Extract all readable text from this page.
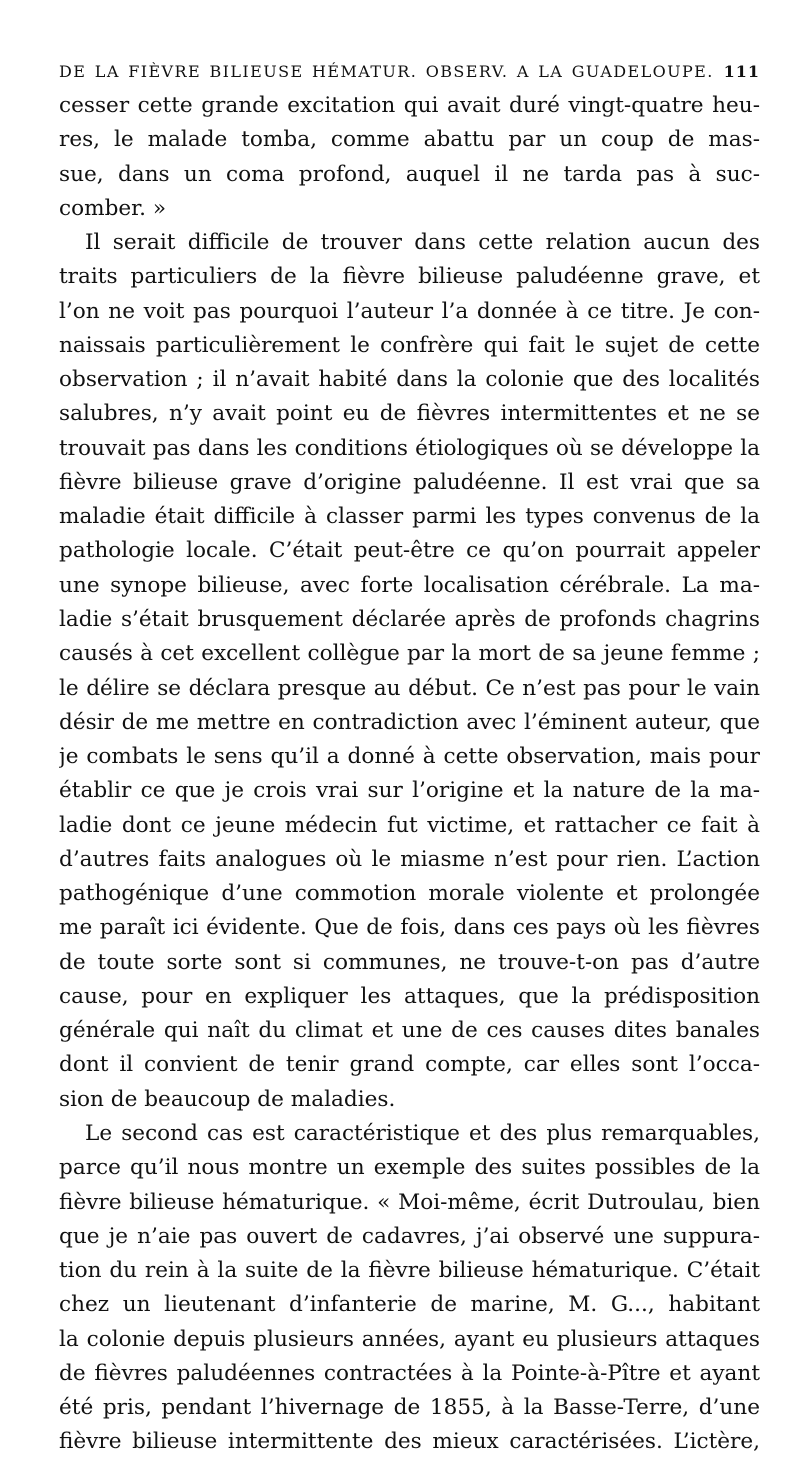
DE LA FIÈVRE BILIEUSE HÉMATUR. OBSERV. A LA GUADELOUPE. 111
cesser cette grande excitation qui avait duré vingt-quatre heu-
res, le malade tomba, comme abattu par un coup de mas-
sue, dans un coma profond, auquel il ne tarda pas à suc-
comber. »
Il serait difficile de trouver dans cette relation aucun des
traits particuliers de la fièvre bilieuse paludéenne grave, et
l’on ne voit pas pourquoi l’auteur l’a donnée à ce titre. Je con-
naissais particulièrement le confrère qui fait le sujet de cette
observation ; il n’avait habité dans la colonie que des localités
salubres, n’y avait point eu de fièvres intermittentes et ne se
trouvait pas dans les conditions étiologiques où se développe la
fièvre bilieuse grave d’origine paludéenne. Il est vrai que sa
maladie était difficile à classer parmi les types convenus de la
pathologie locale. C’était peut-être ce qu’on pourrait appeler
une synope bilieuse, avec forte localisation cérébrale. La ma-
ladie s’était brusquement déclarée après de profonds chagrins
causés à cet excellent collègue par la mort de sa jeune femme ;
le délire se déclara presque au début. Ce n’est pas pour le vain
désir de me mettre en contradiction avec l’éminent auteur, que
je combats le sens qu’il a donné à cette observation, mais pour
établir ce que je crois vrai sur l’origine et la nature de la ma-
ladie dont ce jeune médecin fut victime, et rattacher ce fait à
d’autres faits analogues où le miasme n’est pour rien. L’action
pathogénique d’une commotion morale violente et prolongée
me paraît ici évidente. Que de fois, dans ces pays où les fièvres
de toute sorte sont si communes, ne trouve-t-on pas d’autre
cause, pour en expliquer les attaques, que la prédisposition
générale qui naît du climat et une de ces causes dites banales
dont il convient de tenir grand compte, car elles sont l’occa-
sion de beaucoup de maladies.
Le second cas est caractéristique et des plus remarquables,
parce qu’il nous montre un exemple des suites possibles de la
fièvre bilieuse hématurique. « Moi-même, écrit Dutroulau, bien
que je n’aie pas ouvert de cadavres, j’ai observé une suppura-
tion du rein à la suite de la fièvre bilieuse hématurique. C’était
chez un lieutenant d’infanterie de marine, M. G..., habitant
la colonie depuis plusieurs années, ayant eu plusieurs attaques
de fièvres paludéennes contractées à la Pointe-à-Pître et ayant
été pris, pendant l’hivernage de 1855, à la Basse-Terre, d’une
fièvre bilieuse intermittente des mieux caractérisées. L’ictère,
